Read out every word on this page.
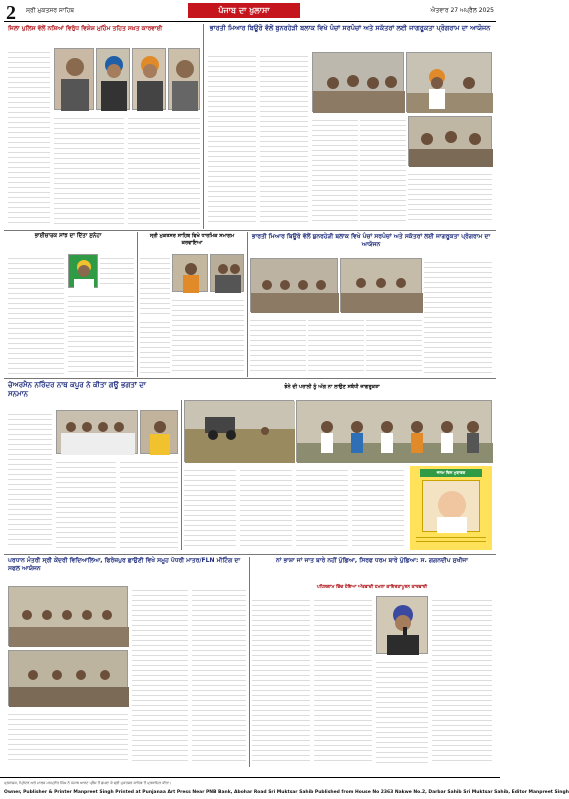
2 ਸ੍ਰੀ ਮੁਕਤਸਰ ਸਾਹਿਬ	ਪੰਜਾਬ ਦਾ ਖੁਲਾਸਾ	ਐਤਵਾਰ 27 ਅਪ੍ਰੈਲ 2025
ਜਿਲਾ ਪੁਲਿਸ ਵੱਲੋਂ ਨਸ਼ਿਆਂ ਵਿਰੁੱਧ ਵਿਸ਼ੇਸ਼ ਮੁਹਿੰਮ ਤਹਿਤ ਸਖ਼ਤ ਕਾਰਵਾਈ	ਭਾਰਤੀ ਮਿਆਰ ਬਿਊਰੋ ਵੱਲੋਂ ਬੁਨਰਹੇੜੀ ਬਲਾਕ ਵਿਖੇ ਪੰਚਾਂ ਸਰਪੰਚਾਂ ਅਤੇ ਸਕੱਤਰਾਂ ਲਈ ਜਾਗਰੂਕਤਾ ਪ੍ਰੋਗਰਾਮ ਦਾ ਆਯੋਜਨ
ਭਾਈਚਾਰਕ ਸਾਂਝ ਦਾ ਦਿੱਤਾ ਸੁਨੇਹਾ	ਸ੍ਰੀ ਮੁਕਤਸਰ ਸਾਹਿਬ ਵਿਖੇ ਧਾਰਮਿਕ ਸਮਾਗਮ ਕਰਵਾਇਆ
ਭਾਰਤੀ ਮਿਆਰ ਬਿਊਰੋ ਵੱਲੋਂ ਬੁਨਰਹੇੜੀ ਬਲਾਕ ਵਿਖੇ ਪੰਚਾਂ ਸਰਪੰਚਾਂ ਅਤੇ ਸਕੱਤਰਾਂ ਲਈ ਜਾਗਰੂਕਤਾ ਪ੍ਰੋਗਰਾਮ ਦਾ ਆਯੋਜਨ
ਚੇਅਰਮੈਨ ਨਰਿੰਦਰ ਨਾਥ ਕਪੂਰ ਨੇ ਕੀਤਾ ਗਊ ਭਗਤਾਂ ਦਾ ਸਨਮਾਨ
ਝੋਨੇ ਦੀ ਪਰਾਲੀ ਨੂੰ ਅੱਗ ਨਾ ਲਾਉਣ ਸਬੰਧੀ ਜਾਗਰੂਕਤਾ
ਜਨਮ ਦਿਨ ਮੁਬਾਰਕ
ਪਰਧਾਨ ਮੰਤਰੀ ਸ੍ਰੀ ਕੇਂਦਰੀ ਵਿਦਿਆਲਿਆ, ਫਿਰੋਜ਼ਪੁਰ ਛਾਉਣੀ ਵਿਖੇ ਸਮੂਹ ਪੱਧਰੀ ਮਾਤਰ/FLN ਮੀਟਿੰਗ ਦਾ ਸਫਲ ਆਯੋਜਨ
ਨਾਂ ਭਾਸ਼ਾ ਜਾਂ ਜਾਤ ਬਾਰੇ ਨਹੀਂ ਪੁੱਛਿਆ, ਸਿਰਫ ਧਰਮ ਬਾਰੇ ਪੁੱਛਿਆ: ਸ. ਗਗਨਦੀਪ ਸੁਖੀਜਾ
ਪਹਿਲਗਾਮ ਵਿੱਚ ਹੋਇਆ ਅੱਤਵਾਦੀ ਹਮਲਾ ਕਾਇਰਤਾਪੂਰਨ ਕਾਰਵਾਈ
ਪ੍ਰਕਾਸ਼ਕ, ਪ੍ਰਿੰਟਰ ਅਤੇ ਮਾਲਕ ਮਨਪ੍ਰੀਤ ਸਿੰਘ ਨੇ ਪੰਜਾਬ ਆਰਟ ਪ੍ਰੈਸ ਤੋਂ ਛਪਵਾ ਕੇ ਸ੍ਰੀ ਮੁਕਤਸਰ ਸਾਹਿਬ ਤੋਂ ਪ੍ਰਕਾਸ਼ਿਤ ਕੀਤਾ।
Owner, Publisher & Printer Manpreet Singh Printed at Punjanaa Art Press Near PNB Bank, Abohar Road Sri Muktsar Sahib Published from House No 2363 Nakwe No.2, Darbar Sahib Sri Muktsar Sahib, Editor Manpreet Singh
